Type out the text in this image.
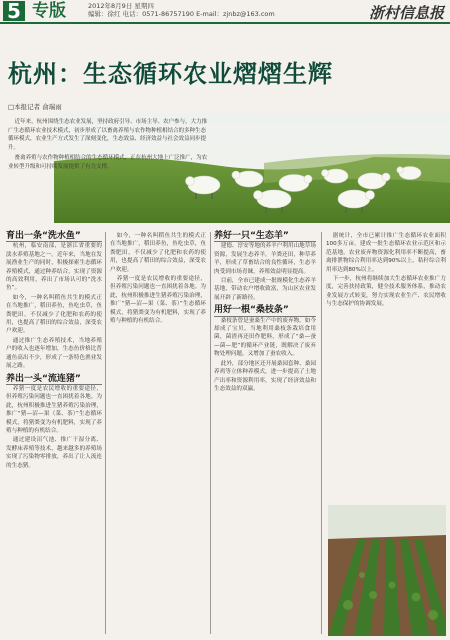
5 专版	2012年8月9日 星期四
编辑：徐红 电话：0571-86757190 E-mail：zjnbz@163.com	浙村信息报
杭州：生态循环农业熠熠生辉
□本报记者 俞瑞雨

近年来，杭州围绕生态农业发展，坚持政府引导、市场主导、农户参与，大力推广生态循环农业技术模式，初步形成了以畜禽养殖与农作物种植相结合的多种生态循环模式，农业生产方式发生了深刻变化，生态效益、经济效益与社会效益同步提升。

畜禽养殖与农作物种植相结合的生态循环模式，正在杭州大地上广泛推广，为农业转型升级和可持续发展提供了有力支撑。

育出一条“洗水鱼”

杭州，临安南部，是浙江省重要的淡水养殖基地之一。近年来，当地在发展渔业生产的同时，积极探索生态循环养殖模式，通过种养结合，实现了资源的高效利用，养出了市场认可的“洗水鱼”。

如今，一种名叫稻鱼共生的模式正在当地推广，稻田养鱼，鱼吃虫草，鱼粪肥田，不仅减少了化肥和农药的使用，也提高了稻田的综合效益，深受农户欢迎。

通过推广生态养殖技术，当地养殖户的收入也逐年增加，生态鱼价格比普通鱼高出不少，形成了一条特色渔业发展之路。

养出一头“流连猪”

养猪一度是农民增收的重要途径，但养殖污染问题也一直困扰着各地。为此，杭州积极推进生猪养殖污染治理，推广“猪—沼—果（菜、茶）”生态循环模式，将猪粪变为有机肥料，实现了养殖与种植的有机结合。

通过建设沼气池、推广干湿分离、发酵床养殖等技术，越来越多的养殖场实现了污染物零排放，养出了让人流连的生态猪。

如今，一种名叫稻鱼共生的模式正在当地推广，稻田养鱼，鱼吃虫草，鱼粪肥田，不仅减少了化肥和农药的使用，也提高了稻田的综合效益，深受农户欢迎。

养猪一度是农民增收的重要途径，但养殖污染问题也一直困扰着各地。为此，杭州积极推进生猪养殖污染治理，推广“猪—沼—果（菜、茶）”生态循环模式，将猪粪变为有机肥料，实现了养殖与种植的有机结合。

养好一只“生态羊”

建德、淳安等地的养羊户利用山地草场资源，发展生态养羊，羊粪还田，种草养羊，形成了草畜结合的良性循环，生态羊肉受到市场青睐，养殖效益明显提高。

目前，全市已建成一批规模化生态养羊基地，带动农户增收致富，为山区农业发展开辟了新路径。

用好一根“桑枝条”

桑枝条曾是蚕桑生产中的废弃物，如今却成了宝贝。当地利用桑枝条栽培食用菌，菌渣再还田作肥料，形成了“桑—蚕—菌—肥”的循环产业链，既解决了废弃物处理问题，又增加了蚕农收入。

此外，部分地区还开展桑园套种、桑园养鸡等立体种养模式，进一步提高了土地产出率和资源利用率，实现了经济效益和生态效益的双赢。

据统计，全市已累计推广生态循环农业面积100多万亩，建成一批生态循环农业示范区和示范基地，农业废弃物资源化利用率不断提高，畜禽排泄物综合利用率达到90%以上，秸秆综合利用率达到80%以上。

下一步，杭州将继续加大生态循环农业推广力度，完善扶持政策，健全技术服务体系，推动农业发展方式转变，努力实现农业生产、农民增收与生态保护的协调发展。
